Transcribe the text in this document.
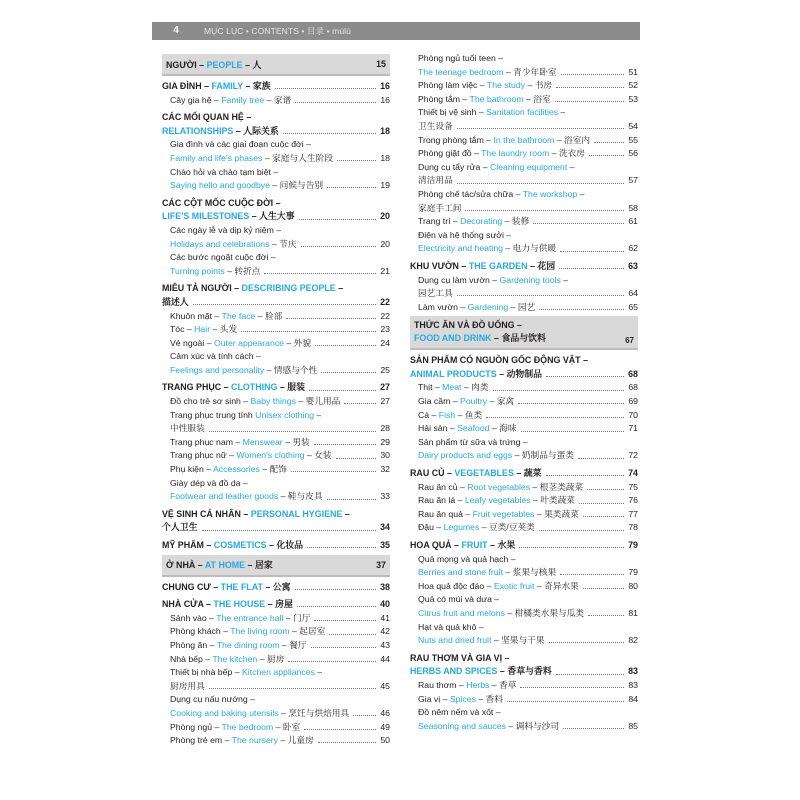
4	MỤC LỤC • CONTENTS • 目录 • mùlù
NGƯỜI – PEOPLE – 人	15
GIA ĐÌNH – FAMILY – 家族	16
Cây gia hệ – Family tree – 家谱	16
CÁC MỐI QUAN HỆ –
RELATIONSHIPS – 人际关系	18
Gia đình và các giai đoạn cuộc đời –
Family and life's phases – 家庭与人生阶段	18
Chào hỏi và chào tạm biệt –
Saying hello and goodbye – 问候与告别	19
CÁC CỘT MỐC CUỘC ĐỜI –
LIFE'S MILESTONES – 人生大事	20
Các ngày lễ và dịp kỷ niệm –
Holidays and celebrations – 节庆	20
Các bước ngoặt cuộc đời –
Turning points – 转折点	21
MIÊU TẢ NGƯỜI – DESCRIBING PEOPLE –
描述人	22
Khuôn mặt – The face – 脸部	22
Tóc – Hair – 头发	23
Vẻ ngoài – Outer appearance – 外貌	24
Cảm xúc và tính cách –
Feelings and personality – 情感与个性	25
TRANG PHỤC – CLOTHING – 服装	27
Đồ cho trẻ sơ sinh – Baby things – 婴儿用品	27
Trang phục trung tính Unisex clothing –
中性服装	28
Trang phục nam – Menswear – 男装	29
Trang phục nữ – Women's clothing – 女装	30
Phụ kiện – Accessories – 配饰	32
Giày dép và đồ da –
Footwear and leather goods – 鞋与皮具	33
VỆ SINH CÁ NHÂN – PERSONAL HYGIENE –
个人卫生	34
MỸ PHẨM – COSMETICS – 化妆品	35
Ở NHÀ – AT HOME – 居家	37
CHUNG CƯ – THE FLAT – 公寓	38
NHÀ CỬA – THE HOUSE – 房屋	40
Sảnh vào – The entrance hall – 门厅	41
Phòng khách – The living room – 起居室	42
Phòng ăn – The dining room – 餐厅	43
Nhà bếp – The kitchen – 厨房	44
Thiết bị nhà bếp – Kitchen appliances –
厨房用具	45
Dụng cụ nấu nướng –
Cooking and baking utensils – 烹饪与烘焙用具	46
Phòng ngủ – The bedroom – 卧室	49
Phòng trẻ em – The nursery – 儿童房	50
Phòng ngủ tuổi teen –
The teenage bedroom – 青少年卧室	51
Phòng làm việc – The study – 书房	52
Phòng tắm – The bathroom – 浴室	53
Thiết bị vệ sinh – Sanitation facilities –
卫生设备	54
Trong phòng tắm – In the bathroom – 浴室内	55
Phòng giặt đồ – The laundry room – 洗衣房	56
Dụng cụ tẩy rửa – Cleaning equipment –
清洁用品	57
Phòng chế tác/sửa chữa – The workshop –
家庭手工间	58
Trang trí – Decorating – 装修	61
Điện và hệ thống sưởi –
Electricity and heating – 电力与供暖	62
KHU VƯỜN – THE GARDEN – 花园	63
Dụng cụ làm vườn – Gardening tools –
园艺工具	64
Làm vườn – Gardening – 园艺	65
THỨC ĂN VÀ ĐỒ UỐNG –
FOOD AND DRINK – 食品与饮料	67
SẢN PHẨM CÓ NGUỒN GỐC ĐỘNG VẬT –
ANIMAL PRODUCTS – 动物制品	68
Thịt – Meat – 肉类	68
Gia cầm – Poultry – 家禽	69
Cá – Fish – 鱼类	70
Hải sản – Seafood – 海味	71
Sản phẩm từ sữa và trứng –
Dairy products and eggs – 奶制品与蛋类	72
RAU CỦ – VEGETABLES – 蔬菜	74
Rau ăn củ – Root vegetables – 根茎类蔬菜	75
Rau ăn lá – Leafy vegetables – 叶类蔬菜	76
Rau ăn quả – Fruit vegetables – 果类蔬菜	77
Đậu – Legumes – 豆类/豆荚类	78
HOA QUẢ – FRUIT – 水果	79
Quả mọng và quả hạch –
Berries and stone fruit – 浆果与核果	79
Hoa quả độc đáo – Exotic fruit – 奇异水果	80
Quả có múi và dưa –
Citrus fruit and melons – 柑橘类水果与瓜类	81
Hạt và quả khô –
Nuts and dried fruit – 坚果与干果	82
RAU THƠM VÀ GIA VỊ –
HERBS AND SPICES – 香草与香料	83
Rau thơm – Herbs – 香草	83
Gia vị – Spices – 香料	84
Đồ nêm nếm và xốt –
Seasoning and sauces – 调料与沙司	85
